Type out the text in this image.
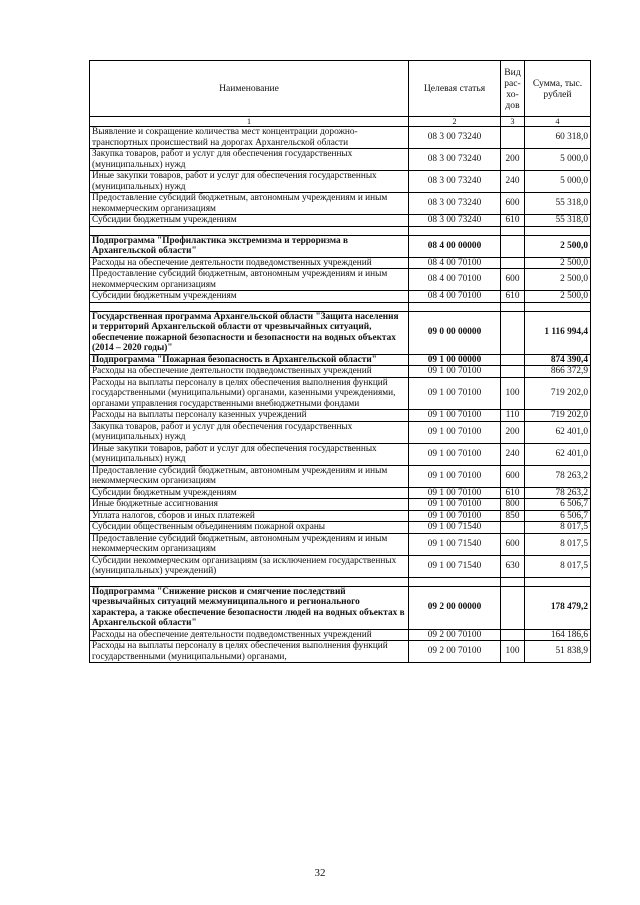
Наименование	Целевая статья	Вид рас- хо- дов	Сумма, тыс. рублей
1	2	3	4
Выявление и сокращение количества мест концентрации дорожно-транспортных происшествий на дорогах Архангельской области	08 3 00 73240		60 318,0
Закупка товаров, работ и услуг для обеспечения государственных (муниципальных) нужд	08 3 00 73240	200	5 000,0
Иные закупки товаров, работ и услуг для обеспечения государственных (муниципальных) нужд	08 3 00 73240	240	5 000,0
Предоставление субсидий бюджетным, автономным учреждениям и иным некоммерческим организациям	08 3 00 73240	600	55 318,0
Субсидии бюджетным учреждениям	08 3 00 73240	610	55 318,0

Подпрограмма "Профилактика экстремизма и терроризма в Архангельской области"	08 4 00 00000		2 500,0
Расходы на обеспечение деятельности подведомственных учреждений	08 4 00 70100		2 500,0
Предоставление субсидий бюджетным, автономным учреждениям и иным некоммерческим организациям	08 4 00 70100	600	2 500,0
Субсидии бюджетным учреждениям	08 4 00 70100	610	2 500,0

Государственная программа Архангельской области "Защита населения и территорий Архангельской области от чрезвычайных ситуаций, обеспечение пожарной безопасности и безопасности на водных объектах (2014 – 2020 годы)"	09 0 00 00000		1 116 994,4
Подпрограмма "Пожарная безопасность в Архангельской области"	09 1 00 00000		874 390,4
Расходы на обеспечение деятельности подведомственных учреждений	09 1 00 70100		866 372,9
Расходы на выплаты персоналу в целях обеспечения выполнения функций государственными (муниципальными) органами, казенными учреждениями, органами управления государственными внебюджетными фондами	09 1 00 70100	100	719 202,0
Расходы на выплаты персоналу казенных учреждений	09 1 00 70100	110	719 202,0
Закупка товаров, работ и услуг для обеспечения государственных (муниципальных) нужд	09 1 00 70100	200	62 401,0
Иные закупки товаров, работ и услуг для обеспечения государственных (муниципальных) нужд	09 1 00 70100	240	62 401,0
Предоставление субсидий бюджетным, автономным учреждениям и иным некоммерческим организациям	09 1 00 70100	600	78 263,2
Субсидии бюджетным учреждениям	09 1 00 70100	610	78 263,2
Иные бюджетные ассигнования	09 1 00 70100	800	6 506,7
Уплата налогов, сборов и иных платежей	09 1 00 70100	850	6 506,7
Субсидии общественным объединениям пожарной охраны	09 1 00 71540		8 017,5
Предоставление субсидий бюджетным, автономным учреждениям и иным некоммерческим организациям	09 1 00 71540	600	8 017,5
Субсидии некоммерческим организациям (за исключением государственных (муниципальных) учреждений)	09 1 00 71540	630	8 017,5

Подпрограмма "Снижение рисков и смягчение последствий чрезвычайных ситуаций межмуниципального и регионального характера, а также обеспечение безопасности людей на водных объектах в Архангельской области"	09 2 00 00000		178 479,2
Расходы на обеспечение деятельности подведомственных учреждений	09 2 00 70100		164 186,6
Расходы на выплаты персоналу в целях обеспечения выполнения функций государственными (муниципальными) органами,	09 2 00 70100	100	51 838,9
32
